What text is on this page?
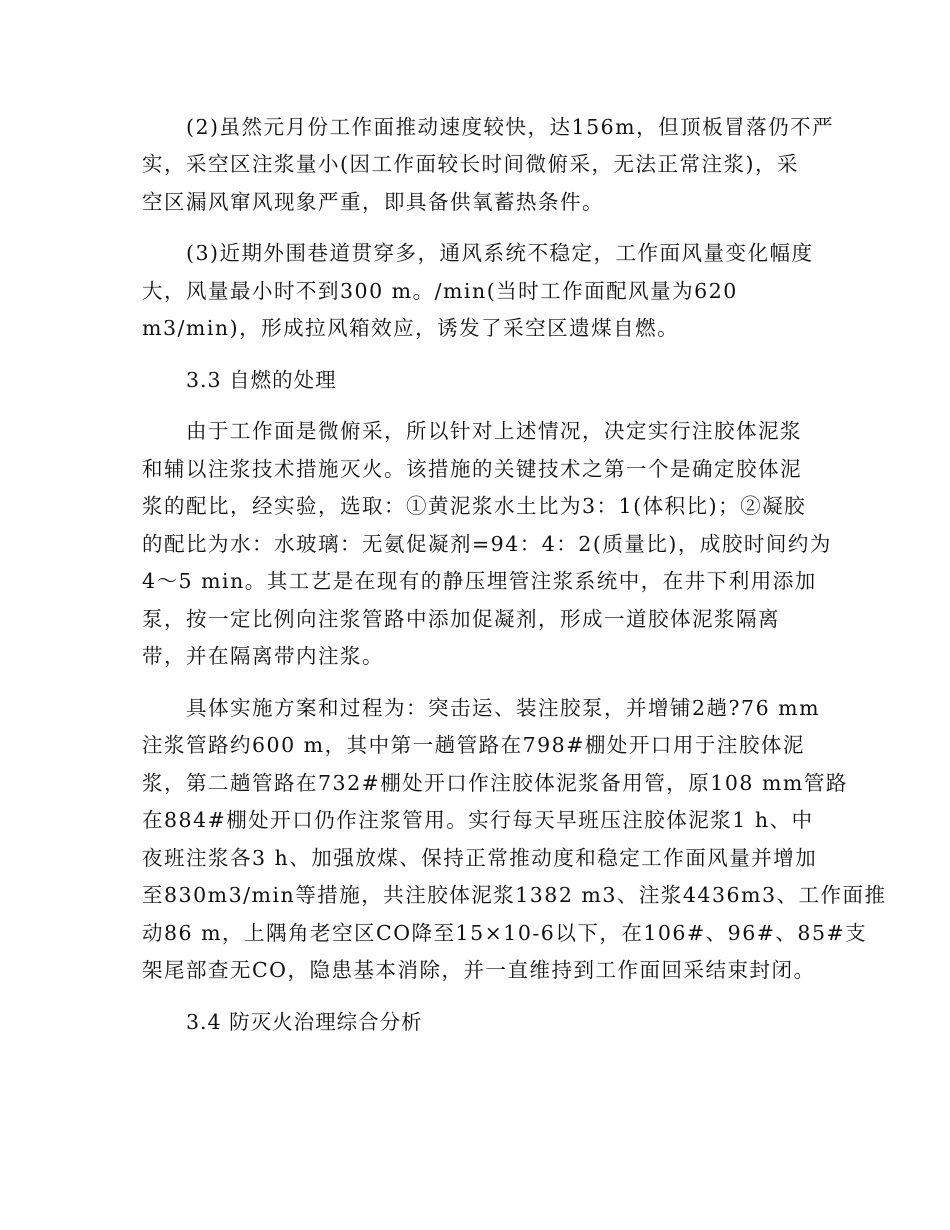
(2)虽然元月份工作面推动速度较快，达156m，但顶板冒落仍不严
实，采空区注浆量小(因工作面较长时间微俯采，无法正常注浆)，采
空区漏风窜风现象严重，即具备供氧蓄热条件。
(3)近期外围巷道贯穿多，通风系统不稳定，工作面风量变化幅度
大，风量最小时不到300 m。/min(当时工作面配风量为620
m3/min)，形成拉风箱效应，诱发了采空区遗煤自燃。
3.3 自燃的处理
由于工作面是微俯采，所以针对上述情况，决定实行注胶体泥浆
和辅以注浆技术措施灭火。该措施的关键技术之第一个是确定胶体泥
浆的配比，经实验，选取：①黄泥浆水土比为3：1(体积比)；②凝胶
的配比为水：水玻璃：无氨促凝剂=94：4：2(质量比)，成胶时间约为
4～5 min。其工艺是在现有的静压埋管注浆系统中，在井下利用添加
泵，按一定比例向注浆管路中添加促凝剂，形成一道胶体泥浆隔离
带，并在隔离带内注浆。
具体实施方案和过程为：突击运、装注胶泵，并增铺2趟?76 mm
注浆管路约600 m，其中第一趟管路在798#棚处开口用于注胶体泥
浆，第二趟管路在732#棚处开口作注胶体泥浆备用管，原108 mm管路
在884#棚处开口仍作注浆管用。实行每天早班压注胶体泥浆1 h、中
夜班注浆各3 h、加强放煤、保持正常推动度和稳定工作面风量并增加
至830m3/min等措施，共注胶体泥浆1382 m3、注浆4436m3、工作面推
动86 m，上隅角老空区CO降至15×10-6以下，在106#、96#、85#支
架尾部查无CO，隐患基本消除，并一直维持到工作面回采结束封闭。
3.4 防灭火治理综合分析
